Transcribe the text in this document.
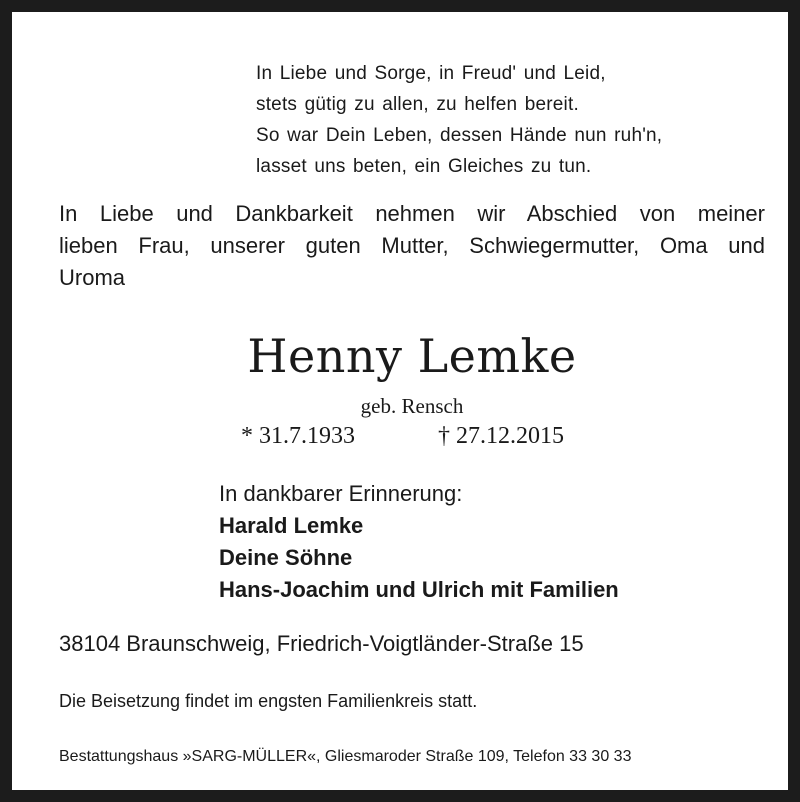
In Liebe und Sorge, in Freud' und Leid,
stets gütig zu allen, zu helfen bereit.
So war Dein Leben, dessen Hände nun ruh'n,
lasset uns beten, ein Gleiches zu tun.
In Liebe und Dankbarkeit nehmen wir Abschied von meiner
lieben Frau, unserer guten Mutter, Schwiegermutter, Oma und
Uroma
Henny Lemke
geb. Rensch
* 31.7.1933	† 27.12.2015
In dankbarer Erinnerung:
Harald Lemke
Deine Söhne
Hans-Joachim und Ulrich mit Familien
38104 Braunschweig, Friedrich-Voigtländer-Straße 15
Die Beisetzung findet im engsten Familienkreis statt.
Bestattungshaus »SARG-MÜLLER«, Gliesmaroder Straße 109, Telefon 33 30 33
